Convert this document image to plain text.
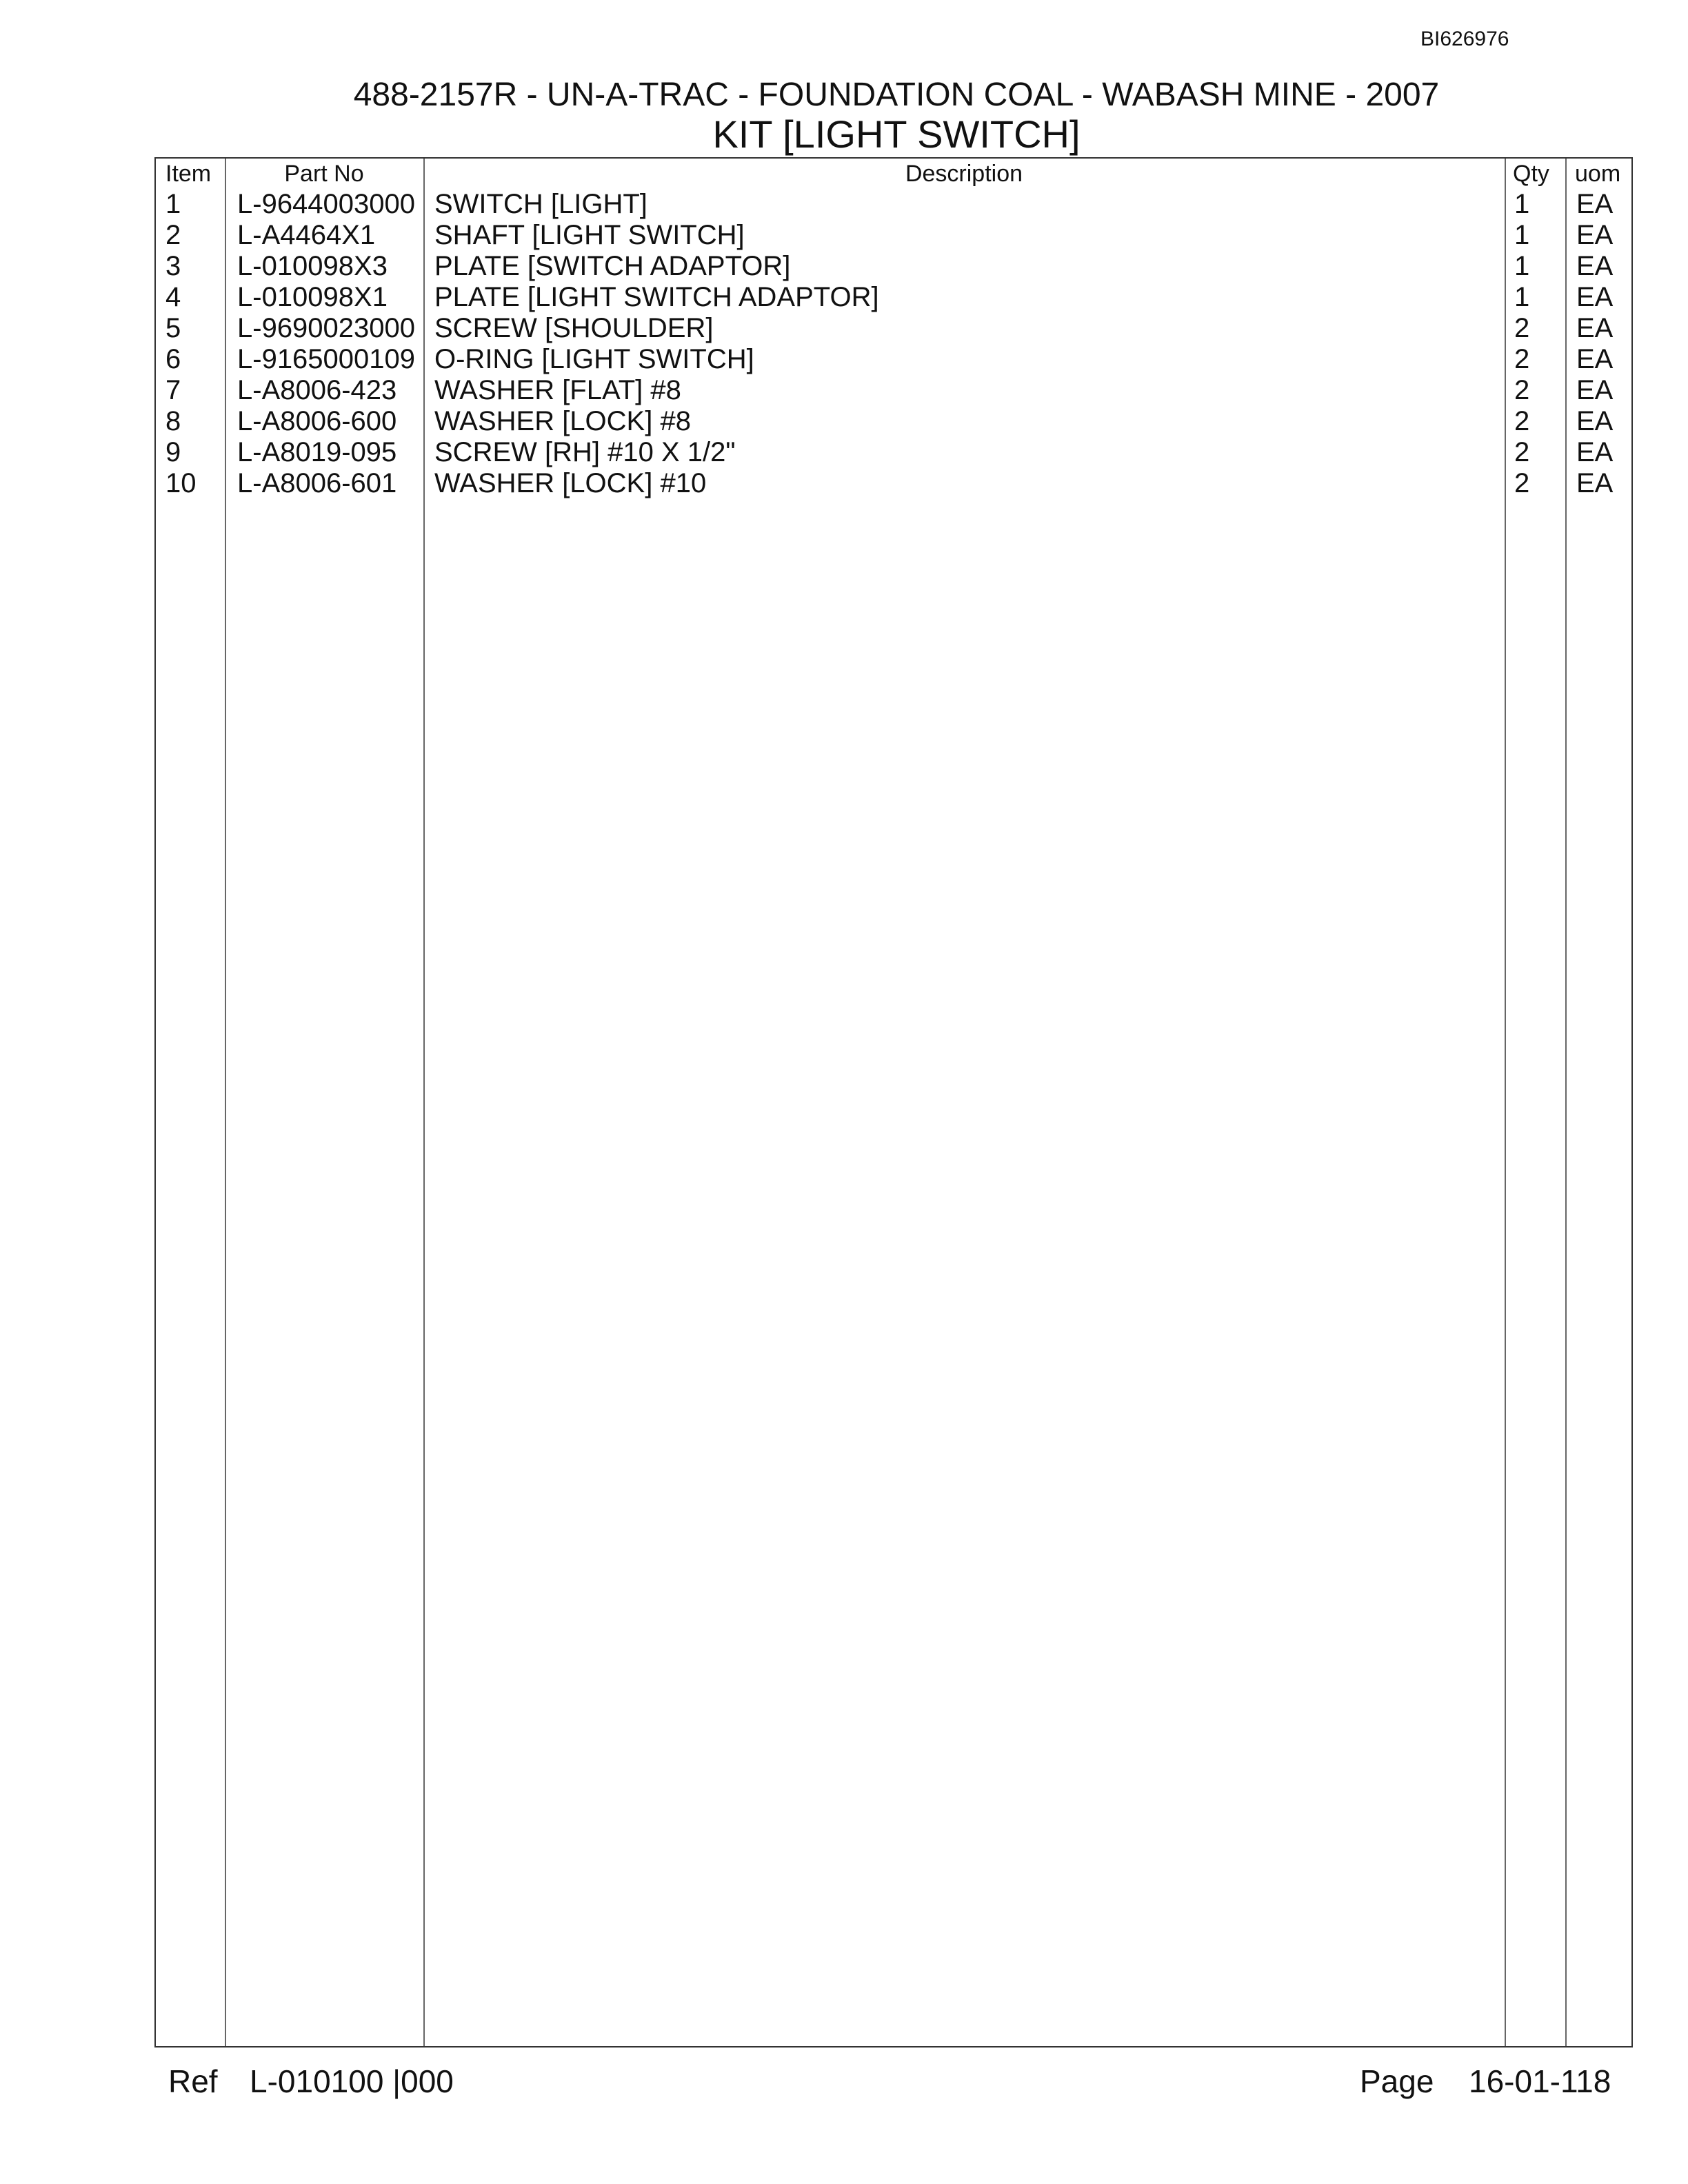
BI626976
488-2157R - UN-A-TRAC - FOUNDATION COAL - WABASH MINE - 2007
KIT [LIGHT SWITCH]
Item	Part No	Description	Qty uom
1 L-9644003000 SWITCH [LIGHT]	1 EA
2 L-A4464X1 SHAFT [LIGHT SWITCH]	1 EA
3 L-010098X3 PLATE [SWITCH ADAPTOR]	1 EA
4 L-010098X1 PLATE [LIGHT SWITCH ADAPTOR]	1 EA
5 L-9690023000 SCREW [SHOULDER]	2 EA
6 L-9165000109 O-RING [LIGHT SWITCH]	2 EA
7 L-A8006-423 WASHER [FLAT] #8	2 EA
8 L-A8006-600 WASHER [LOCK] #8	2 EA
9 L-A8019-095 SCREW [RH] #10 X 1/2"	2 EA
10 L-A8006-601 WASHER [LOCK] #10	2 EA
Ref L-010100 |000	Page 16-01-118
